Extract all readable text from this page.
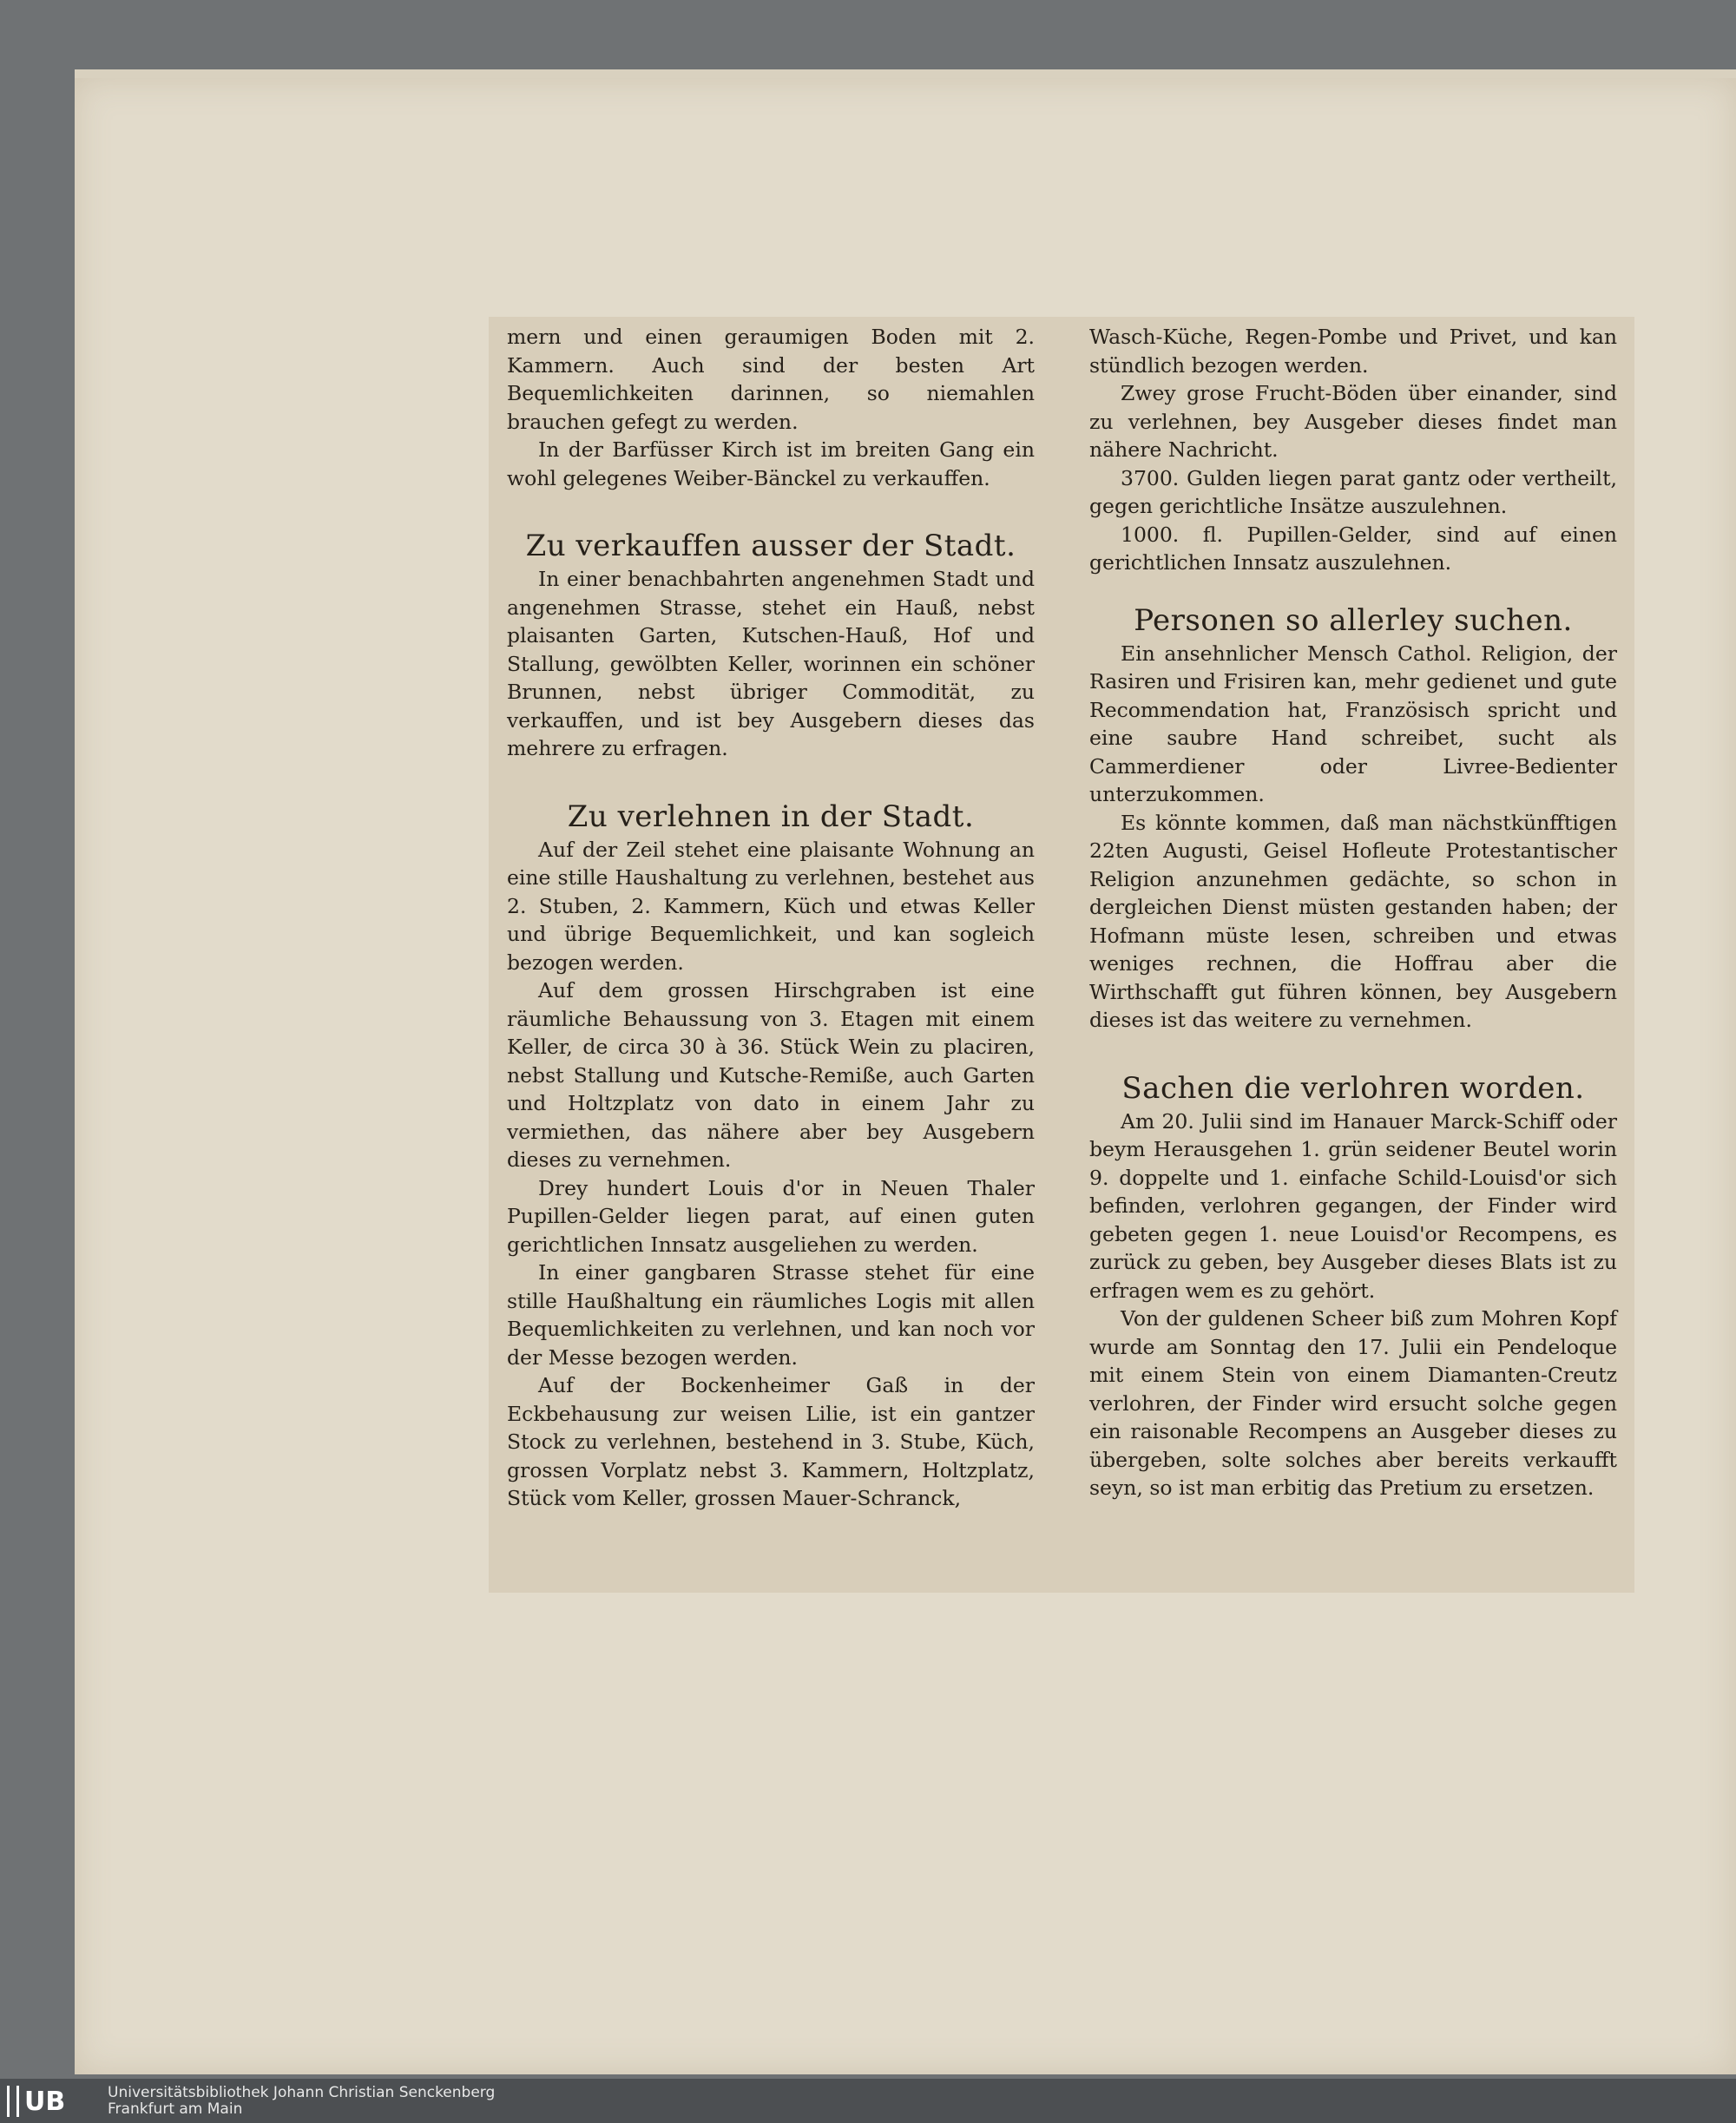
mern und einen geraumigen Boden mit 2. Kammern. Auch sind der besten Art Bequemlichkeiten darinnen, so niemahlen brauchen gefegt zu werden.

In der Barfüsser Kirch ist im breiten Gang ein wohl gelegenes Weiber-Bänckel zu verkauffen.

Zu verkauffen ausser der Stadt.

In einer benachbahrten angenehmen Stadt und angenehmen Strasse, stehet ein Hauß, nebst plaisanten Garten, Kutschen-Hauß, Hof und Stallung, gewölbten Keller, worinnen ein schöner Brunnen, nebst übriger Commodität, zu verkauffen, und ist bey Ausgebern dieses das mehrere zu erfragen.

Zu verlehnen in der Stadt.

Auf der Zeil stehet eine plaisante Wohnung an eine stille Haushaltung zu verlehnen, bestehet aus 2. Stuben, 2. Kammern, Küch und etwas Keller und übrige Bequemlichkeit, und kan sogleich bezogen werden.

Auf dem grossen Hirschgraben ist eine räumliche Behaussung von 3. Etagen mit einem Keller, de circa 30 à 36. Stück Wein zu placiren, nebst Stallung und Kutsche-Remiße, auch Garten und Holtzplatz von dato in einem Jahr zu vermiethen, das nähere aber bey Ausgebern dieses zu vernehmen.

Drey hundert Louis d'or in Neuen Thaler Pupillen-Gelder liegen parat, auf einen guten gerichtlichen Innsatz ausgeliehen zu werden.

In einer gangbaren Strasse stehet für eine stille Haußhaltung ein räumliches Logis mit allen Bequemlichkeiten zu verlehnen, und kan noch vor der Messe bezogen werden.

Auf der Bockenheimer Gaß in der Eckbehausung zur weisen Lilie, ist ein gantzer Stock zu verlehnen, bestehend in 3. Stube, Küch, grossen Vorplatz nebst 3. Kammern, Holtzplatz, Stück vom Keller, grossen Mauer-Schranck,

Wasch-Küche, Regen-Pombe und Privet, und kan stündlich bezogen werden.

Zwey grose Frucht-Böden über einander, sind zu verlehnen, bey Ausgeber dieses findet man nähere Nachricht.

3700. Gulden liegen parat gantz oder vertheilt, gegen gerichtliche Insätze auszulehnen.

1000. fl. Pupillen-Gelder, sind auf einen gerichtlichen Innsatz auszulehnen.

Personen so allerley suchen.

Ein ansehnlicher Mensch Cathol. Religion, der Rasiren und Frisiren kan, mehr gedienet und gute Recommendation hat, Französisch spricht und eine saubre Hand schreibet, sucht als Cammerdiener oder Livree-Bedienter unterzukommen.

Es könnte kommen, daß man nächstkünfftigen 22ten Augusti, Geisel Hofleute Protestantischer Religion anzunehmen gedächte, so schon in dergleichen Dienst müsten gestanden haben; der Hofmann müste lesen, schreiben und etwas weniges rechnen, die Hoffrau aber die Wirthschafft gut führen können, bey Ausgebern dieses ist das weitere zu vernehmen.

Sachen die verlohren worden.

Am 20. Julii sind im Hanauer Marck-Schiff oder beym Herausgehen 1. grün seidener Beutel worin 9. doppelte und 1. einfache Schild-Louisd'or sich befinden, verlohren gegangen, der Finder wird gebeten gegen 1. neue Louisd'or Recompens, es zurück zu geben, bey Ausgeber dieses Blats ist zu erfragen wem es zu gehört.

Von der guldenen Scheer biß zum Mohren Kopf wurde am Sonntag den 17. Julii ein Pendeloque mit einem Stein von einem Diamanten-Creutz verlohren, der Finder wird ersucht solche gegen ein raisonable Recompens an Ausgeber dieses zu übergeben, solte solches aber bereits verkaufft seyn, so ist man erbitig das Pretium zu ersetzen.

UB	Universitätsbibliothek Johann Christian Senckenberg
Frankfurt am Main
